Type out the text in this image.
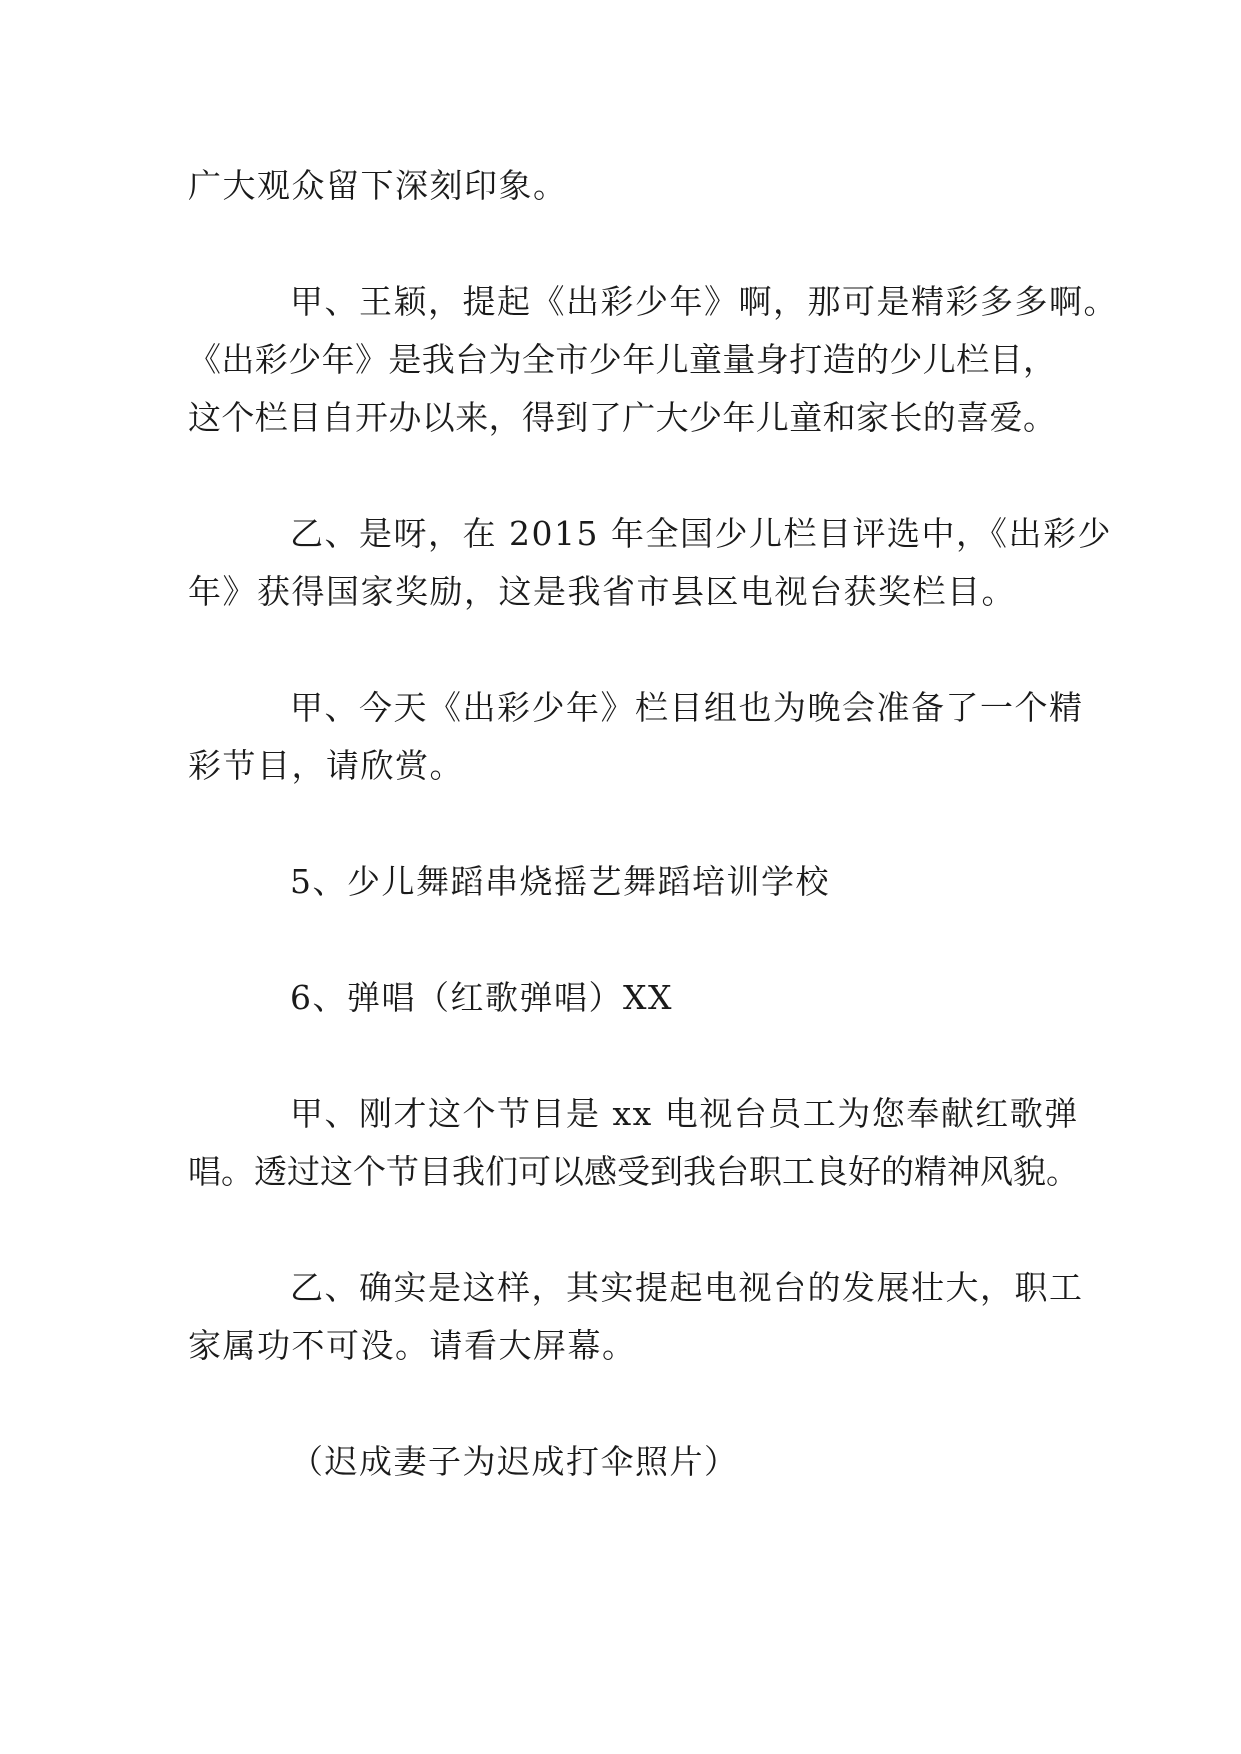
广大观众留下深刻印象。
甲、王颖，提起《出彩少年》啊，那可是精彩多多啊。
《出彩少年》是我台为全市少年儿童量身打造的少儿栏目，
这个栏目自开办以来，得到了广大少年儿童和家长的喜爱。
乙、是呀，在 2015 年全国少儿栏目评选中，《出彩少
年》获得国家奖励，这是我省市县区电视台获奖栏目。
甲、今天《出彩少年》栏目组也为晚会准备了一个精
彩节目，请欣赏。
5、少儿舞蹈串烧摇艺舞蹈培训学校
6、弹唱（红歌弹唱）XX
甲、刚才这个节目是 xx 电视台员工为您奉献红歌弹
唱。透过这个节目我们可以感受到我台职工良好的精神风貌。
乙、确实是这样，其实提起电视台的发展壮大，职工
家属功不可没。请看大屏幕。
（迟成妻子为迟成打伞照片）
